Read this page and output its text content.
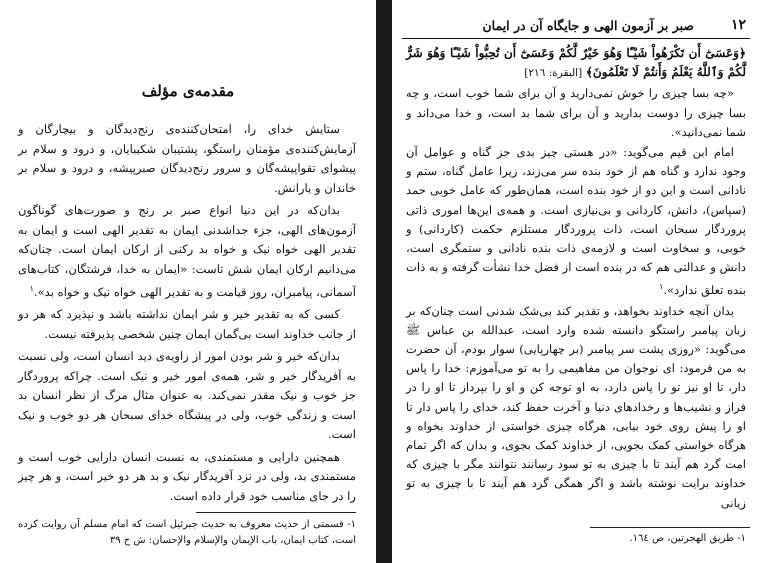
مقدمه‌ی مؤلف

ستایش خدای را، امتحان‌کننده‌ی رنج‌دیدگان و بیچارگان و آزمایش‌کننده‌ی مؤمنان راستگو، پشتیبان شکیبایان، و درود و سلام بر پیشوای تقواپیشه‌گان و سرور رنج‌دیدگان صبرپیشه، و درود و سلام بر خاندان و یارانش.

بدان‌که در این دنیا انواع صبر بر رنج و صورت‌های گوناگون آزمون‌های الهی، جزء جداشدنی ایمان به تقدیر الهی است و ایمان به تقدیر الهی خواه نیک و خواه بد رکنی از ارکان ایمان است. چنان‌که می‌دانیم ارکان ایمان شش تاست: «ایمان به خدا، فرشتگان، کتاب‌های آسمانی، پیامبران، روز قیامت و به تقدیر الهی خواه نیک و خواه بد».$^١$

کسی که به تقدیر خیر و شر ایمان نداشته باشد و نپذیرد که هر دو از جانب خداوند است بی‌گمان ایمان چنین شخصی پذیرفته نیست.

بدان‌که خیر و شر بودن امور از زاویه‌ی دید انسان است، ولی نسبت به آفریدگار خیر و شر، همه‌ی امور خیر و نیک است. چراکه پروردگار جز خوب و نیک مقدر نمی‌کند. به عنوان مثال مرگ از نظر انسان بد است و زندگی خوب، ولی در پیشگاه خدای سبحان هر دو خوب و نیک است.

همچنین دارایی و مستمندی، به نسبت انسان دارایی خوب است و مستمندی بد، ولی در نزد آفریدگار نیک و بد هر دو خیر است، و هر چیز را در جای مناسب خود قرار داده است.

١- قسمتی از حدیث معروف به حدیث جبرئیل است که امام مسلم آن روایت کرده است، کتاب ایمان، باب الإيمان والإسلام والإحسان: ش ح ٣٩
١٢
صبر بر آزمون الهی و جایگاه آن در ایمان

﴿وَعَسَىٰٓ أَن تَكْرَهُواْ شَيْـًٔا وَهُوَ خَيْرٌ لَّكُمْ وَعَسَىٰٓ أَن تُحِبُّواْ شَيْـًٔا وَهُوَ شَرٌّ لَّكُمْ وَٱللَّهُ يَعْلَمُ وَأَنتُمْ لَا تَعْلَمُونَ﴾ [البقرة: ٢١٦]

«چه بسا چیزی را خوش نمی‌دارید و آن برای شما خوب است، و چه بسا چیزی را دوست بدارید و آن برای شما بد است، و خدا می‌داند و شما نمی‌دانید».

امام ابن قیم می‌گوید: «در هستی چیز بدی جز گناه و عوامل آن وجود ندارد و گناه هم از خود بنده سر می‌زند، زیرا عامل گناه، ستم و نادانی است و این دو از خود بنده است، همان‌طور که عامل خوبی حمد (سپاس)، دانش، کاردانی و بی‌نیازی است. و همه‌ی این‌ها اموری ذاتی پروردگار سبحان است، ذات پروردگار مستلزم حکمت (کاردانی) و خوبی، و سخاوت است و لازمه‌ی ذات بنده نادانی و ستمگری است، دانش و عدالتی هم که در بنده است از فضل خدا نشأت گرفته و به ذات بنده تعلق ندارد».$^١$

بدان آنچه خداوند بخواهد، و تقدیر کند بی‌شک شدنی است چنان‌که بر زبان پیامبر راستگو دانسته شده وارد است، عبدالله بن عباس ﷺ می‌گوید: «روزی پشت سر پیامبر (بر چهارپایی) سوار بودم، آن حضرت به من فرمود: ای نوجوان من مفاهیمی را به تو می‌آموزم: خدا را پاس دار، تا او نیز تو را پاس دارد، به او توجه کن و او را بپرداز تا او را در فراز و نشیب‌ها و رخدادهای دنیا و آخرت حفظ کند، خدای را پاس دار تا او را پیش روی خود بیابی، هرگاه چیزی خواستی از خداوند بخواه و هرگاه خواستی کمک بجویی، از خداوند کمک بجوی، و بدان که اگر تمام امت گرد هم آیند تا با چیزی به تو سود رسانند نتوانند مگر با چیزی که خداوند برایت نوشته باشد و اگر همگی گرد هم آیند تا با چیزی به تو زیانی

١- طریق الهجرتین، ص ١٦٤.
